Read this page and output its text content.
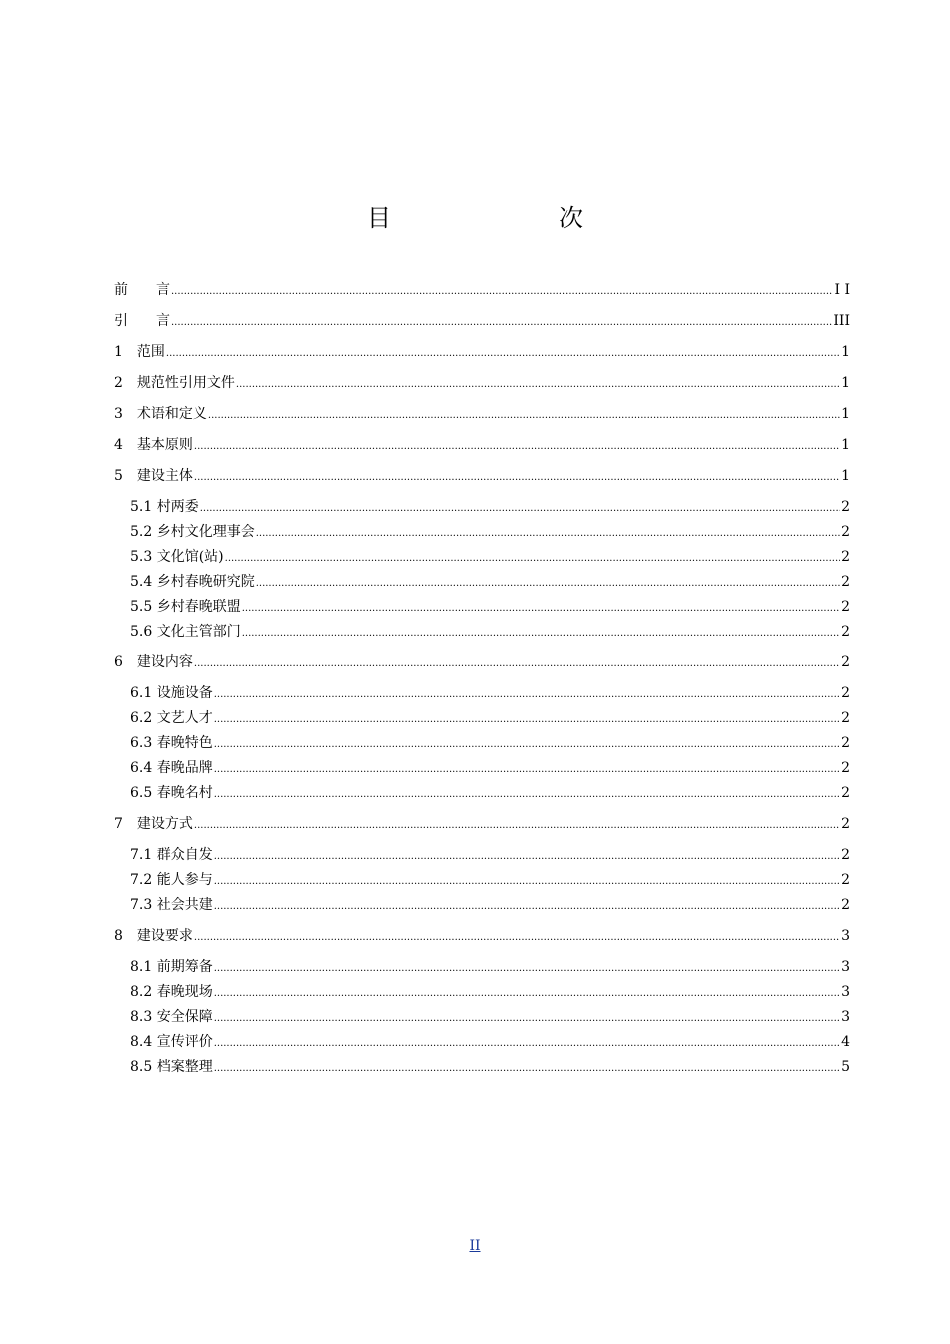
目　　次
前　　言 .....	I I
引　　言 .....	III
1　范围 .....	1
2　规范性引用文件 .....	1
3　术语和定义 .....	1
4　基本原则 .....	1
5　建设主体 .....	1
5.1 村两委 .....	2
5.2 乡村文化理事会 .....	2
5.3 文化馆(站) .....	2
5.4 乡村春晚研究院 .....	2
5.5 乡村春晚联盟 .....	2
5.6 文化主管部门 .....	2
6　建设内容 .....	2
6.1 设施设备 .....	2
6.2 文艺人才 .....	2
6.3 春晚特色 .....	2
6.4 春晚品牌 .....	2
6.5 春晚名村 .....	2
7　建设方式 .....	2
7.1 群众自发 .....	2
7.2 能人参与 .....	2
7.3 社会共建 .....	2
8　建设要求 .....	3
8.1 前期筹备 .....	3
8.2 春晚现场 .....	3
8.3 安全保障 .....	3
8.4 宣传评价 .....	4
8.5 档案整理 .....	5
II
